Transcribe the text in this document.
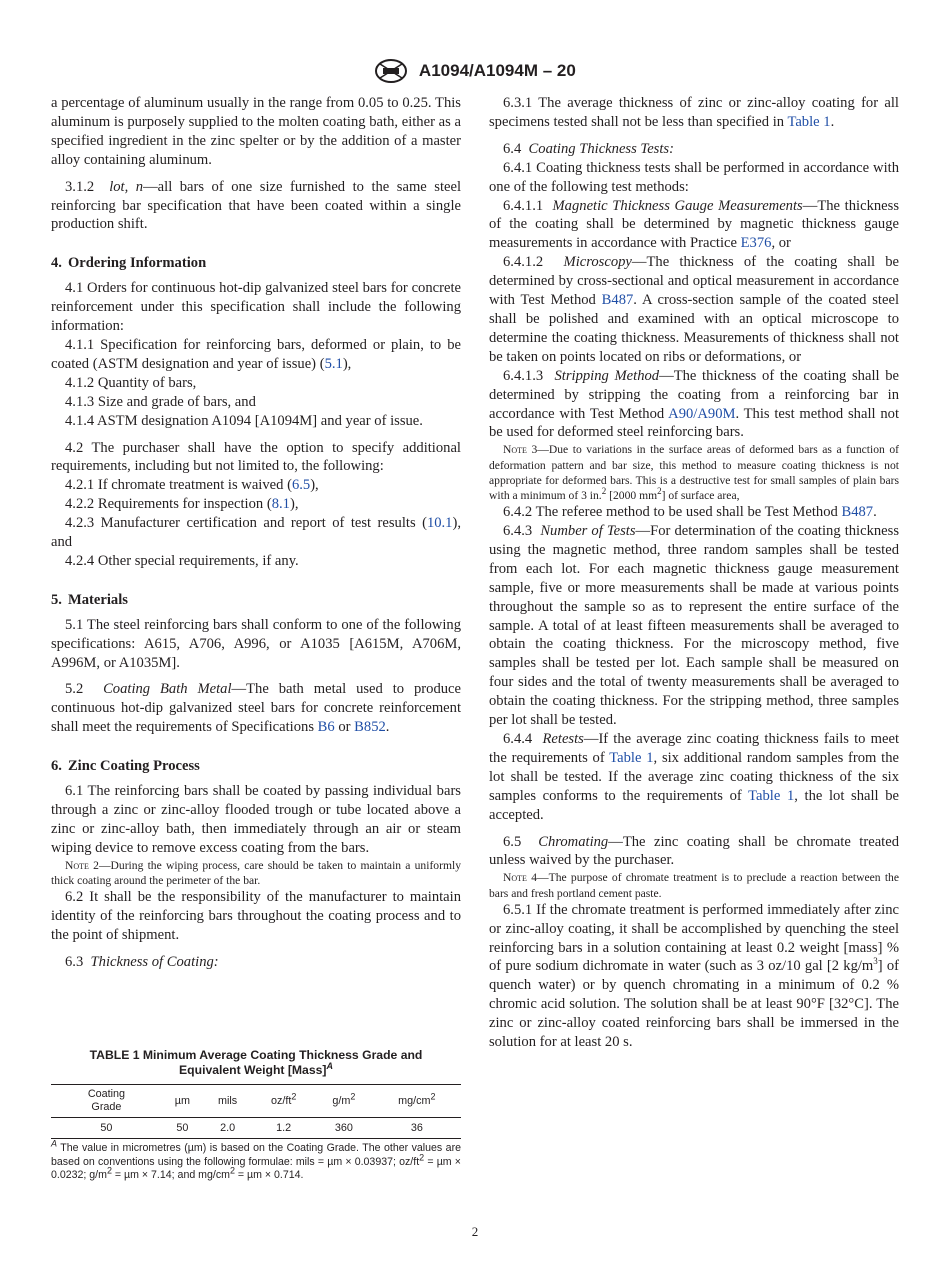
A1094/A1094M – 20

a percentage of aluminum usually in the range from 0.05 to 0.25. This aluminum is purposely supplied to the molten coating bath, either as a specified ingredient in the zinc spelter or by the addition of a master alloy containing aluminum.

3.1.2 lot, n—all bars of one size furnished to the same steel reinforcing bar specification that have been coated within a single production shift.

4. Ordering Information

4.1 Orders for continuous hot-dip galvanized steel bars for concrete reinforcement under this specification shall include the following information:

4.1.1 Specification for reinforcing bars, deformed or plain, to be coated (ASTM designation and year of issue) (5.1),

4.1.2 Quantity of bars,

4.1.3 Size and grade of bars, and

4.1.4 ASTM designation A1094 [A1094M] and year of issue.

4.2 The purchaser shall have the option to specify additional requirements, including but not limited to, the following:

4.2.1 If chromate treatment is waived (6.5),

4.2.2 Requirements for inspection (8.1),

4.2.3 Manufacturer certification and report of test results (10.1), and

4.2.4 Other special requirements, if any.

5. Materials

5.1 The steel reinforcing bars shall conform to one of the following specifications: A615, A706, A996, or A1035 [A615M, A706M, A996M, or A1035M].

5.2 Coating Bath Metal—The bath metal used to produce continuous hot-dip galvanized steel bars for concrete reinforcement shall meet the requirements of Specifications B6 or B852.

6. Zinc Coating Process

6.1 The reinforcing bars shall be coated by passing individual bars through a zinc or zinc-alloy flooded trough or tube located above a zinc or zinc-alloy bath, then immediately through an air or steam wiping device to remove excess coating from the bars.

Note 2—During the wiping process, care should be taken to maintain a uniformly thick coating around the perimeter of the bar.

6.2 It shall be the responsibility of the manufacturer to maintain identity of the reinforcing bars throughout the coating process and to the point of shipment.

6.3 Thickness of Coating:

TABLE 1 Minimum Average Coating Thickness Grade and
Equivalent Weight [Mass]$^A$
Coating Grade	µm	mils	$oz/ft^2$	$g/m^2$	$mg/cm^2$
50	50	2.0	1.2	360	36
$^A$ The value in micrometres (µm) is based on the Coating Grade. The other values are based on conventions using the following formulae: mils = µm × 0.03937; $oz/ft^2 = \mu m \times 0.0232$; $g/m^2 = \mu m \times 7.14$; and $mg/cm^2 = \mu m \times 0.714$.

6.3.1 The average thickness of zinc or zinc-alloy coating for all specimens tested shall not be less than specified in Table 1.

6.4 Coating Thickness Tests:

6.4.1 Coating thickness tests shall be performed in accordance with one of the following test methods:

6.4.1.1 Magnetic Thickness Gauge Measurements—The thickness of the coating shall be determined by magnetic thickness gauge measurements in accordance with Practice E376, or

6.4.1.2 Microscopy—The thickness of the coating shall be determined by cross-sectional and optical measurement in accordance with Test Method B487. A cross-section sample of the coated steel shall be polished and examined with an optical microscope to determine the coating thickness. Measurements of thickness shall not be taken on points located on ribs or deformations, or

6.4.1.3 Stripping Method—The thickness of the coating shall be determined by stripping the coating from a reinforcing bar in accordance with Test Method A90/A90M. This test method shall not be used for deformed steel reinforcing bars.

Note 3—Due to variations in the surface areas of deformed bars as a function of deformation pattern and bar size, this method to measure coating thickness is not appropriate for deformed bars. This is a destructive test for small samples of plain bars with a minimum of 3 in.$^2$ [2000 $mm^2$] of surface area,

6.4.2 The referee method to be used shall be Test Method B487.

6.4.3 Number of Tests—For determination of the coating thickness using the magnetic method, three random samples shall be tested from each lot. For each magnetic thickness gauge measurement sample, five or more measurements shall be made at various points throughout the sample so as to represent the entire surface of the sample. A total of at least fifteen measurements shall be averaged to obtain the coating thickness. For the microscopy method, five samples shall be tested per lot. Each sample shall be measured on four sides and the total of twenty measurements shall be averaged to obtain the coating thickness. For the stripping method, three samples per lot shall be tested.

6.4.4 Retests—If the average zinc coating thickness fails to meet the requirements of Table 1, six additional random samples from the lot shall be tested. If the average zinc coating thickness of the six samples conforms to the requirements of Table 1, the lot shall be accepted.

6.5 Chromating—The zinc coating shall be chromate treated unless waived by the purchaser.

Note 4—The purpose of chromate treatment is to preclude a reaction between the bars and fresh portland cement paste.

6.5.1 If the chromate treatment is performed immediately after zinc or zinc-alloy coating, it shall be accomplished by quenching the steel reinforcing bars in a solution containing at least 0.2 weight [mass] % of pure sodium dichromate in water (such as 3 oz/10 gal [2 $kg/m^3$] of quench water) or by quench chromating in a minimum of 0.2 % chromic acid solution. The solution shall be at least 90°F [32°C]. The zinc or zinc-alloy coated reinforcing bars shall be immersed in the solution for at least 20 s.

2
